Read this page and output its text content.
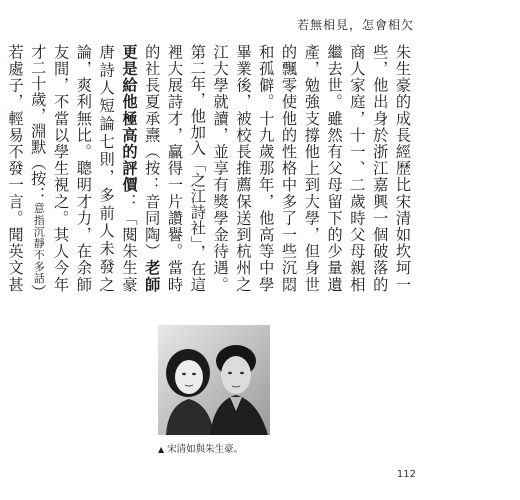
若無相見，怎會相欠
朱生豪的成長經歷比宋清如坎坷一些，他出身於浙江嘉興一個破落的商人家庭，十一、二歲時父母親相繼去世。雖然有父母留下的少量遺產，勉強支撐他上到大學，但身世的飄零使他的性格中多了一些沉悶和孤僻。十九歲那年，他高等中學畢業後，被校長推薦保送到杭州之江大學就讀，並享有獎學金待遇。第二年，他加入「之江詩社」，在這裡大展詩才，贏得一片讚譽。當時的社長夏承燾（按：音同陶）老師更是給他極高的評價：「閱朱生豪唐詩人短論七則，多前人未發之論，爽利無比。聰明才力，在余師友間，不當以學生視之。其人今年才二十歲，淵默（按：意指沉靜不多話）若處子，輕易不發一言。聞英文甚
▲ 宋清如與朱生豪。
112
